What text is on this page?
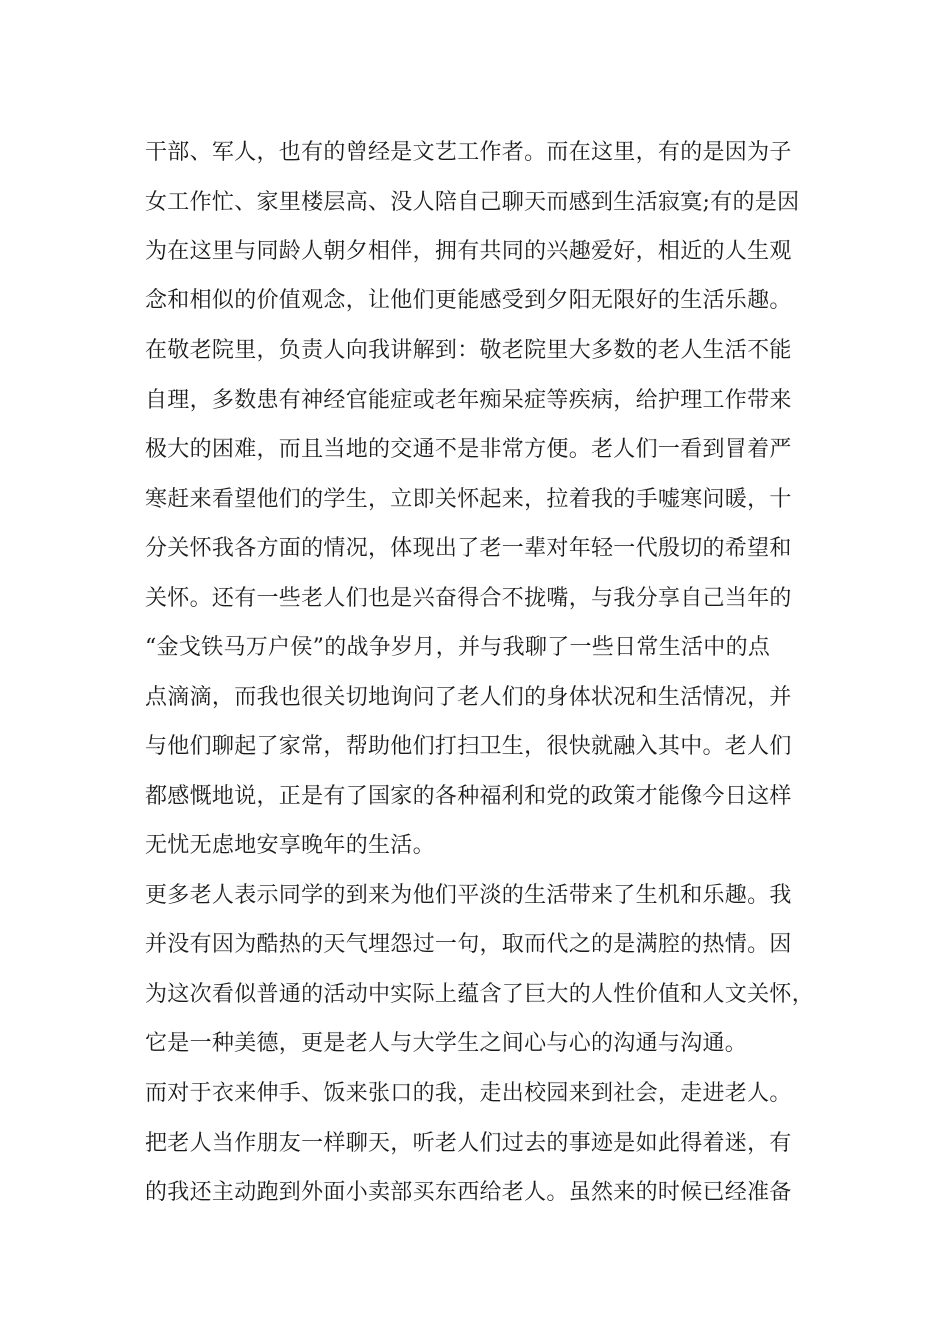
干部、军人，也有的曾经是文艺工作者。而在这里，有的是因为子
女工作忙、家里楼层高、没人陪自己聊天而感到生活寂寞;有的是因
为在这里与同龄人朝夕相伴，拥有共同的兴趣爱好，相近的人生观
念和相似的价值观念，让他们更能感受到夕阳无限好的生活乐趣。
在敬老院里，负责人向我讲解到：敬老院里大多数的老人生活不能
自理，多数患有神经官能症或老年痴呆症等疾病，给护理工作带来
极大的困难，而且当地的交通不是非常方便。老人们一看到冒着严
寒赶来看望他们的学生，立即关怀起来，拉着我的手嘘寒问暖，十
分关怀我各方面的情况，体现出了老一辈对年轻一代殷切的希望和
关怀。还有一些老人们也是兴奋得合不拢嘴，与我分享自己当年的
“金戈铁马万户侯”的战争岁月，并与我聊了一些日常生活中的点
点滴滴，而我也很关切地询问了老人们的身体状况和生活情况，并
与他们聊起了家常，帮助他们打扫卫生，很快就融入其中。老人们
都感慨地说，正是有了国家的各种福利和党的政策才能像今日这样
无忧无虑地安享晚年的生活。
更多老人表示同学的到来为他们平淡的生活带来了生机和乐趣。我
并没有因为酷热的天气埋怨过一句，取而代之的是满腔的热情。因
为这次看似普通的活动中实际上蕴含了巨大的人性价值和人文关怀，
它是一种美德，更是老人与大学生之间心与心的沟通与沟通。
而对于衣来伸手、饭来张口的我，走出校园来到社会，走进老人。
把老人当作朋友一样聊天，听老人们过去的事迹是如此得着迷，有
的我还主动跑到外面小卖部买东西给老人。虽然来的时候已经准备
